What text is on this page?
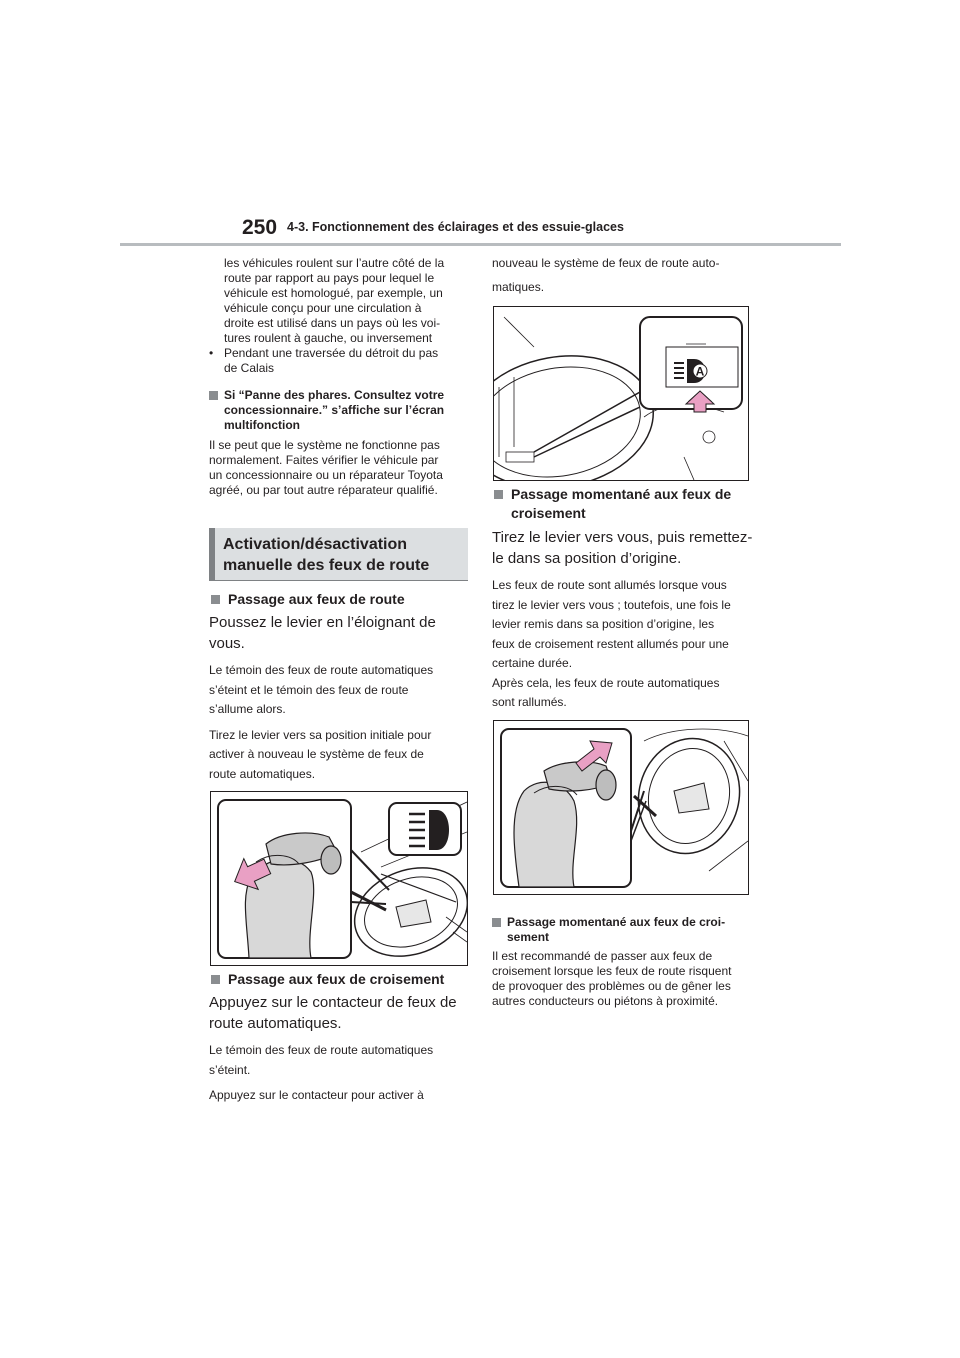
250 4-3. Fonctionnement des éclairages et des essuie-glaces

les véhicules roulent sur l’autre côté de la

route par rapport au pays pour lequel le

véhicule est homologué, par exemple, un

véhicule conçu pour une circulation à

droite est utilisé dans un pays où les voi-

tures roulent à gauche, ou inversement

• Pendant une traversée du détroit du pas

de Calais

Si “Panne des phares. Consultez votre

concessionnaire.” s’affiche sur l’écran

multifonction

Il se peut que le système ne fonctionne pas

normalement. Faites vérifier le véhicule par

un concessionnaire ou un réparateur Toyota

agréé, ou par tout autre réparateur qualifié.

Activation/désactivation
manuelle des feux de route
Passage aux feux de route

Poussez le levier en l’éloignant de

vous.

Le témoin des feux de route automatiques

s’éteint et le témoin des feux de route

s’allume alors.

Tirez le levier vers sa position initiale pour

activer à nouveau le système de feux de

route automatiques.

Passage aux feux de croisement

Appuyez sur le contacteur de feux de

route automatiques.

Le témoin des feux de route automatiques

s’éteint.

Appuyez sur le contacteur pour activer à

nouveau le système de feux de route auto-

matiques.

A
Passage momentané aux feux de
croisement

Tirez le levier vers vous, puis remettez-

le dans sa position d’origine.

Les feux de route sont allumés lorsque vous

tirez le levier vers vous ; toutefois, une fois le

levier remis dans sa position d’origine, les

feux de croisement restent allumés pour une

certaine durée.

Après cela, les feux de route automatiques

sont rallumés.

Passage momentané aux feux de croi-

sement

Il est recommandé de passer aux feux de

croisement lorsque les feux de route risquent

de provoquer des problèmes ou de gêner les

autres conducteurs ou piétons à proximité.
